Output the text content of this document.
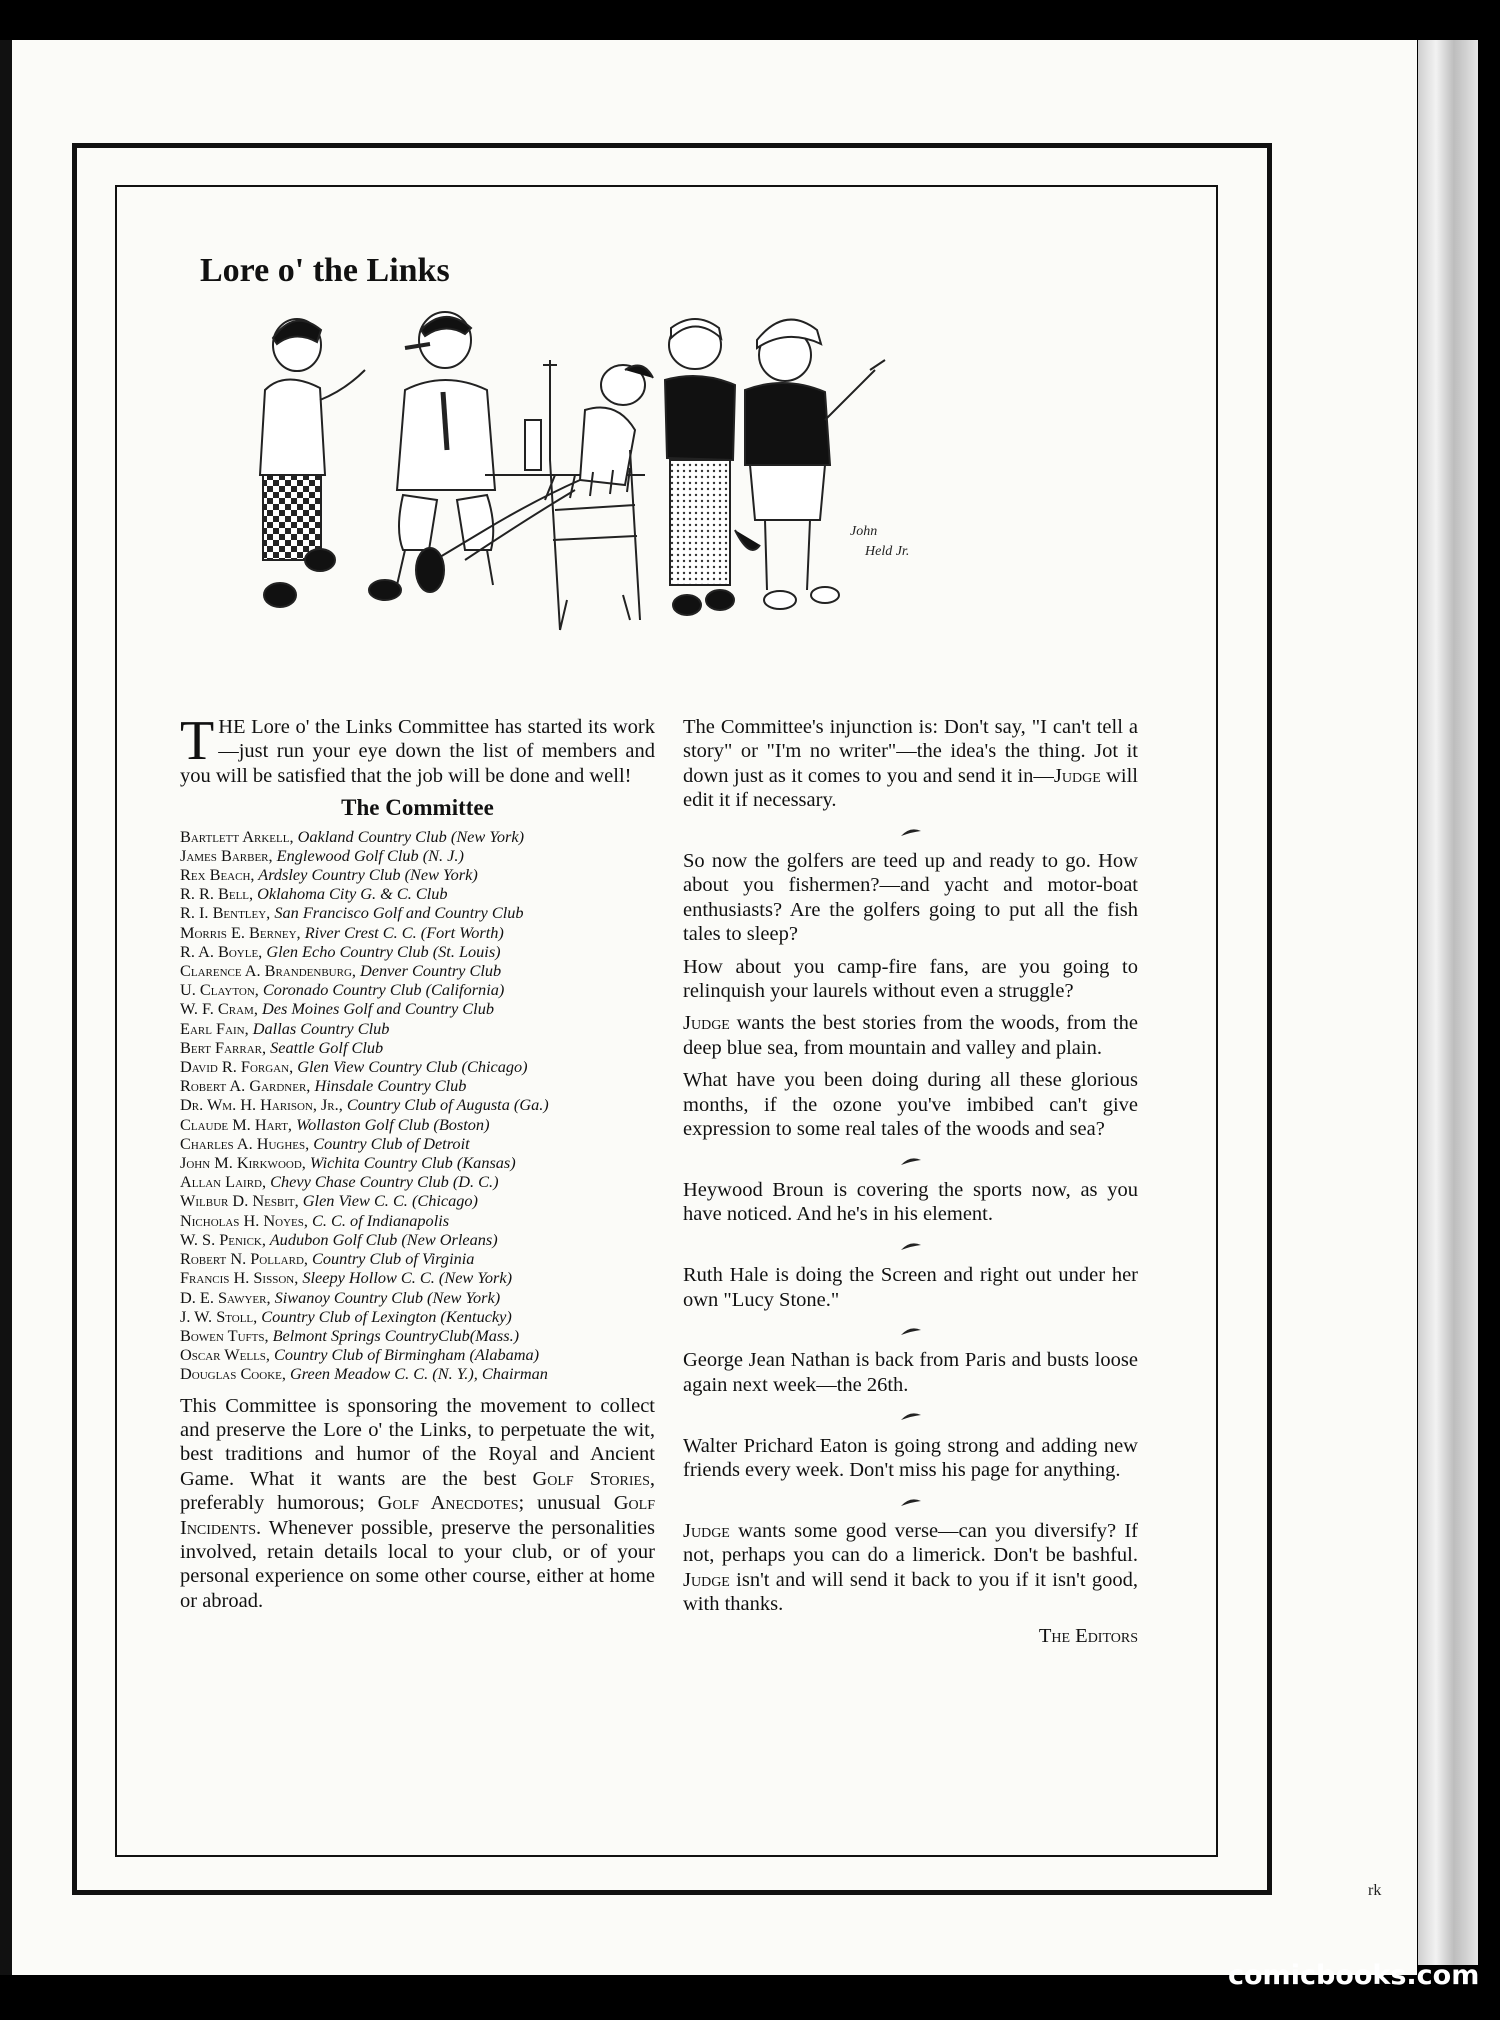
rk
Lore o' the Links
John
Held Jr.

THE Lore o' the Links Committee has started its work—just run your eye down the list of members and you will be satisfied that the job will be done and well!

The Committee
Bartlett Arkell, Oakland Country Club (New York)
James Barber, Englewood Golf Club (N. J.)
Rex Beach, Ardsley Country Club (New York)
R. R. Bell, Oklahoma City G. & C. Club
R. I. Bentley, San Francisco Golf and Country Club
Morris E. Berney, River Crest C. C. (Fort Worth)
R. A. Boyle, Glen Echo Country Club (St. Louis)
Clarence A. Brandenburg, Denver Country Club
U. Clayton, Coronado Country Club (California)
W. F. Cram, Des Moines Golf and Country Club
Earl Fain, Dallas Country Club
Bert Farrar, Seattle Golf Club
David R. Forgan, Glen View Country Club (Chicago)
Robert A. Gardner, Hinsdale Country Club
Dr. Wm. H. Harison, Jr., Country Club of Augusta (Ga.)
Claude M. Hart, Wollaston Golf Club (Boston)
Charles A. Hughes, Country Club of Detroit
John M. Kirkwood, Wichita Country Club (Kansas)
Allan Laird, Chevy Chase Country Club (D. C.)
Wilbur D. Nesbit, Glen View C. C. (Chicago)
Nicholas H. Noyes, C. C. of Indianapolis
W. S. Penick, Audubon Golf Club (New Orleans)
Robert N. Pollard, Country Club of Virginia
Francis H. Sisson, Sleepy Hollow C. C. (New York)
D. E. Sawyer, Siwanoy Country Club (New York)
J. W. Stoll, Country Club of Lexington (Kentucky)
Bowen Tufts, Belmont Springs CountryClub(Mass.)
Oscar Wells, Country Club of Birmingham (Alabama)
Douglas Cooke, Green Meadow C. C. (N. Y.), Chairman

This Committee is sponsoring the movement to collect and preserve the Lore o' the Links, to perpetuate the wit, best traditions and humor of the Royal and Ancient Game. What it wants are the best Golf Stories, preferably humorous; Golf Anecdotes; unusual Golf Incidents. Whenever possible, preserve the personalities involved, retain details local to your club, or of your personal experience on some other course, either at home or abroad.

The Committee's injunction is: Don't say, "I can't tell a story" or "I'm no writer"—the idea's the thing. Jot it down just as it comes to you and send it in—Judge will edit it if necessary.

So now the golfers are teed up and ready to go. How about you fishermen?—and yacht and motor-boat enthusiasts? Are the golfers going to put all the fish tales to sleep?

How about you camp-fire fans, are you going to relinquish your laurels without even a struggle?

Judge wants the best stories from the woods, from the deep blue sea, from mountain and valley and plain.

What have you been doing during all these glorious months, if the ozone you've imbibed can't give expression to some real tales of the woods and sea?

Heywood Broun is covering the sports now, as you have noticed. And he's in his element.

Ruth Hale is doing the Screen and right out under her own "Lucy Stone."

George Jean Nathan is back from Paris and busts loose again next week—the 26th.

Walter Prichard Eaton is going strong and adding new friends every week. Don't miss his page for anything.

Judge wants some good verse—can you diversify? If not, perhaps you can do a limerick. Don't be bashful. Judge isn't and will send it back to you if it isn't good, with thanks.

The Editors
comicbooks.com
